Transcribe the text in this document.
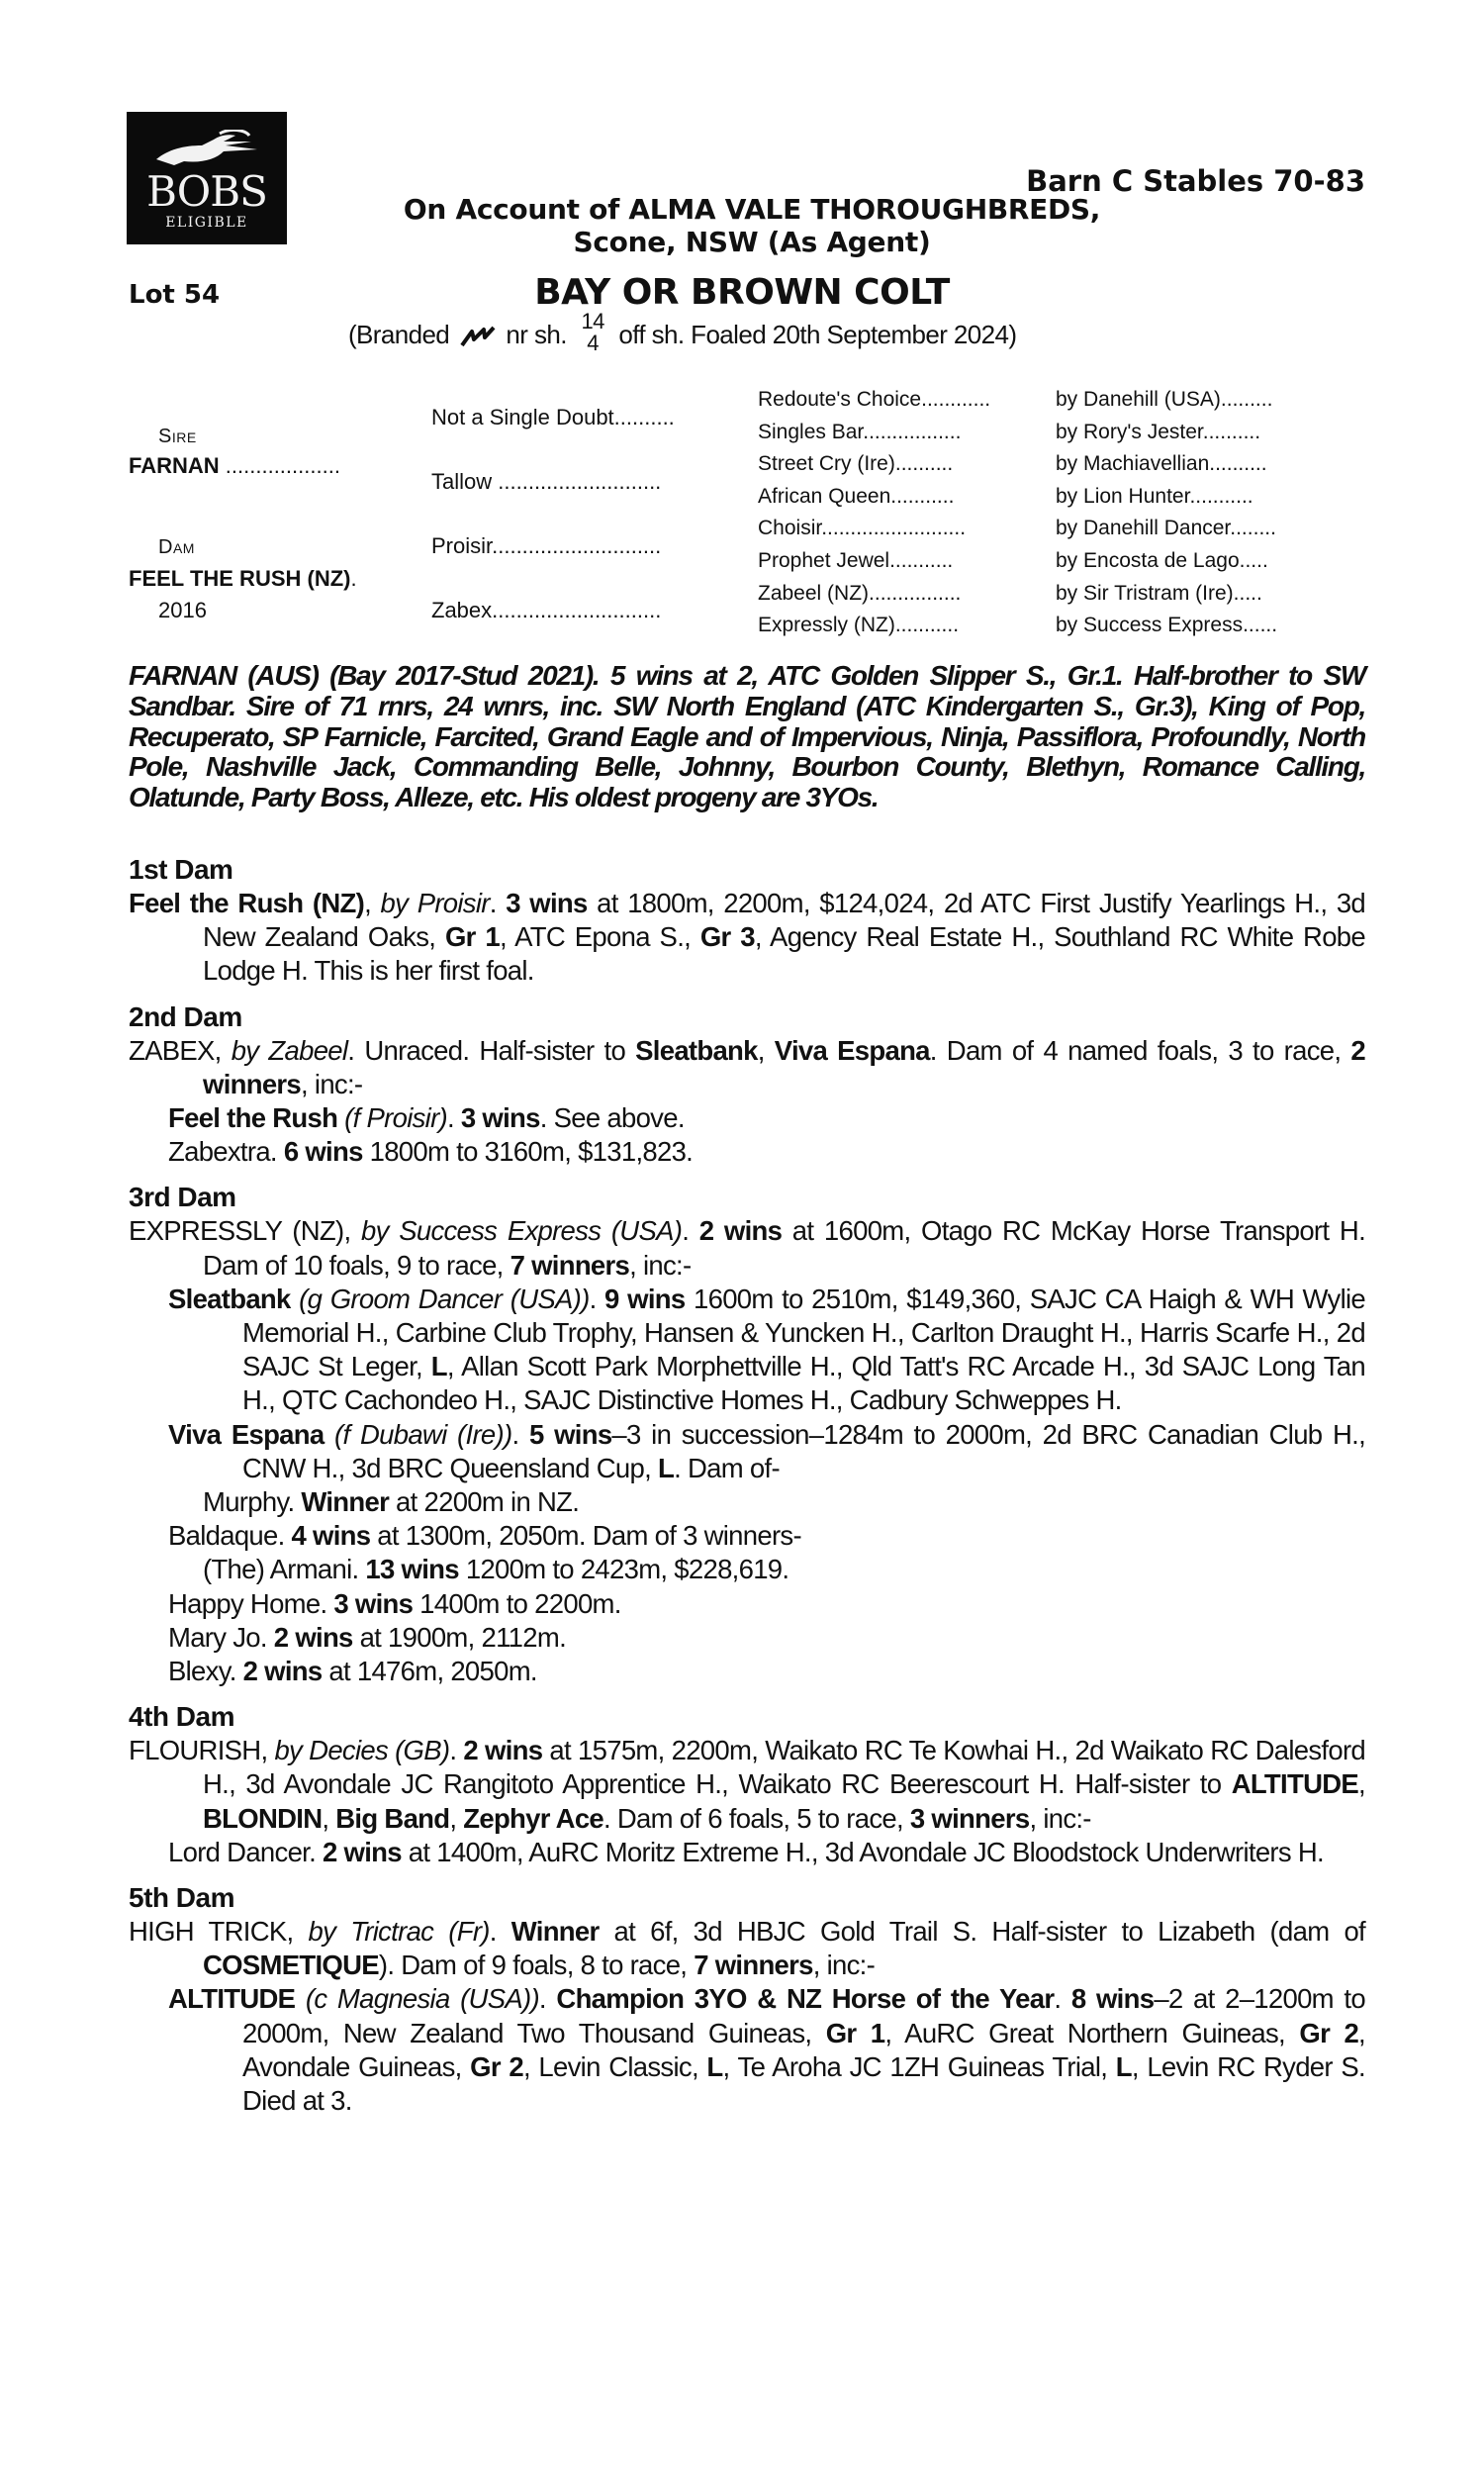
BOBS
ELIGIBLE
Barn C Stables 70-83
On Account of ALMA VALE THOROUGHBREDS,
Scone, NSW (As Agent)
Lot 54	BAY OR BROWN COLT
(Branded nr sh. 14
4 off sh. Foaled 20th September 2024)
Sire
FARNAN ...................
Dam
FEEL THE RUSH (NZ).
2016
Not a Single Doubt..........
Tallow ...........................
Proisir............................
Zabex............................
Redoute's Choice............
Singles Bar.................
Street Cry (Ire)..........
African Queen...........
Choisir.........................
Prophet Jewel...........
Zabeel (NZ)................
Expressly (NZ)...........
by Danehill (USA).........
by Rory's Jester..........
by Machiavellian..........
by Lion Hunter...........
by Danehill Dancer........
by Encosta de Lago.....
by Sir Tristram (Ire).....
by Success Express......
FARNAN (AUS) (Bay 2017-Stud 2021). 5 wins at 2, ATC Golden Slipper S., Gr.1. Half-brother to SW Sandbar. Sire of 71 rnrs, 24 wnrs, inc. SW North England (ATC Kindergarten S., Gr.3), King of Pop, Recuperato, SP Farnicle, Farcited, Grand Eagle and of Impervious, Ninja, Passiflora, Profoundly, North Pole, Nashville Jack, Commanding Belle, Johnny, Bourbon County, Blethyn, Romance Calling, Olatunde, Party Boss, Alleze, etc. His oldest progeny are 3YOs.
1st Dam
Feel the Rush (NZ), by Proisir. 3 wins at 1800m, 2200m, $124,024, 2d ATC First Justify Yearlings H., 3d New Zealand Oaks, Gr 1, ATC Epona S., Gr 3, Agency Real Estate H., Southland RC White Robe Lodge H. This is her first foal.
2nd Dam
ZABEX, by Zabeel. Unraced. Half-sister to Sleatbank, Viva Espana. Dam of 4 named foals, 3 to race, 2 winners, inc:-
Feel the Rush (f Proisir). 3 wins. See above.
Zabextra. 6 wins 1800m to 3160m, $131,823.
3rd Dam
EXPRESSLY (NZ), by Success Express (USA). 2 wins at 1600m, Otago RC McKay Horse Transport H. Dam of 10 foals, 9 to race, 7 winners, inc:-
Sleatbank (g Groom Dancer (USA)). 9 wins 1600m to 2510m, $149,360, SAJC CA Haigh & WH Wylie Memorial H., Carbine Club Trophy, Hansen & Yuncken H., Carlton Draught H., Harris Scarfe H., 2d SAJC St Leger, L, Allan Scott Park Morphettville H., Qld Tatt's RC Arcade H., 3d SAJC Long Tan H., QTC Cachondeo H., SAJC Distinctive Homes H., Cadbury Schweppes H.
Viva Espana (f Dubawi (Ire)). 5 wins–3 in succession–1284m to 2000m, 2d BRC Canadian Club H., CNW H., 3d BRC Queensland Cup, L. Dam of-
Murphy. Winner at 2200m in NZ.
Baldaque. 4 wins at 1300m, 2050m. Dam of 3 winners-
(The) Armani. 13 wins 1200m to 2423m, $228,619.
Happy Home. 3 wins 1400m to 2200m.
Mary Jo. 2 wins at 1900m, 2112m.
Blexy. 2 wins at 1476m, 2050m.
4th Dam
FLOURISH, by Decies (GB). 2 wins at 1575m, 2200m, Waikato RC Te Kowhai H., 2d Waikato RC Dalesford H., 3d Avondale JC Rangitoto Apprentice H., Waikato RC Beerescourt H. Half-sister to ALTITUDE, BLONDIN, Big Band, Zephyr Ace. Dam of 6 foals, 5 to race, 3 winners, inc:-
Lord Dancer. 2 wins at 1400m, AuRC Moritz Extreme H., 3d Avondale JC Bloodstock Underwriters H.
5th Dam
HIGH TRICK, by Trictrac (Fr). Winner at 6f, 3d HBJC Gold Trail S. Half-sister to Lizabeth (dam of COSMETIQUE). Dam of 9 foals, 8 to race, 7 winners, inc:-
ALTITUDE (c Magnesia (USA)). Champion 3YO & NZ Horse of the Year. 8 wins–2 at 2–1200m to 2000m, New Zealand Two Thousand Guineas, Gr 1, AuRC Great Northern Guineas, Gr 2, Avondale Guineas, Gr 2, Levin Classic, L, Te Aroha JC 1ZH Guineas Trial, L, Levin RC Ryder S. Died at 3.
